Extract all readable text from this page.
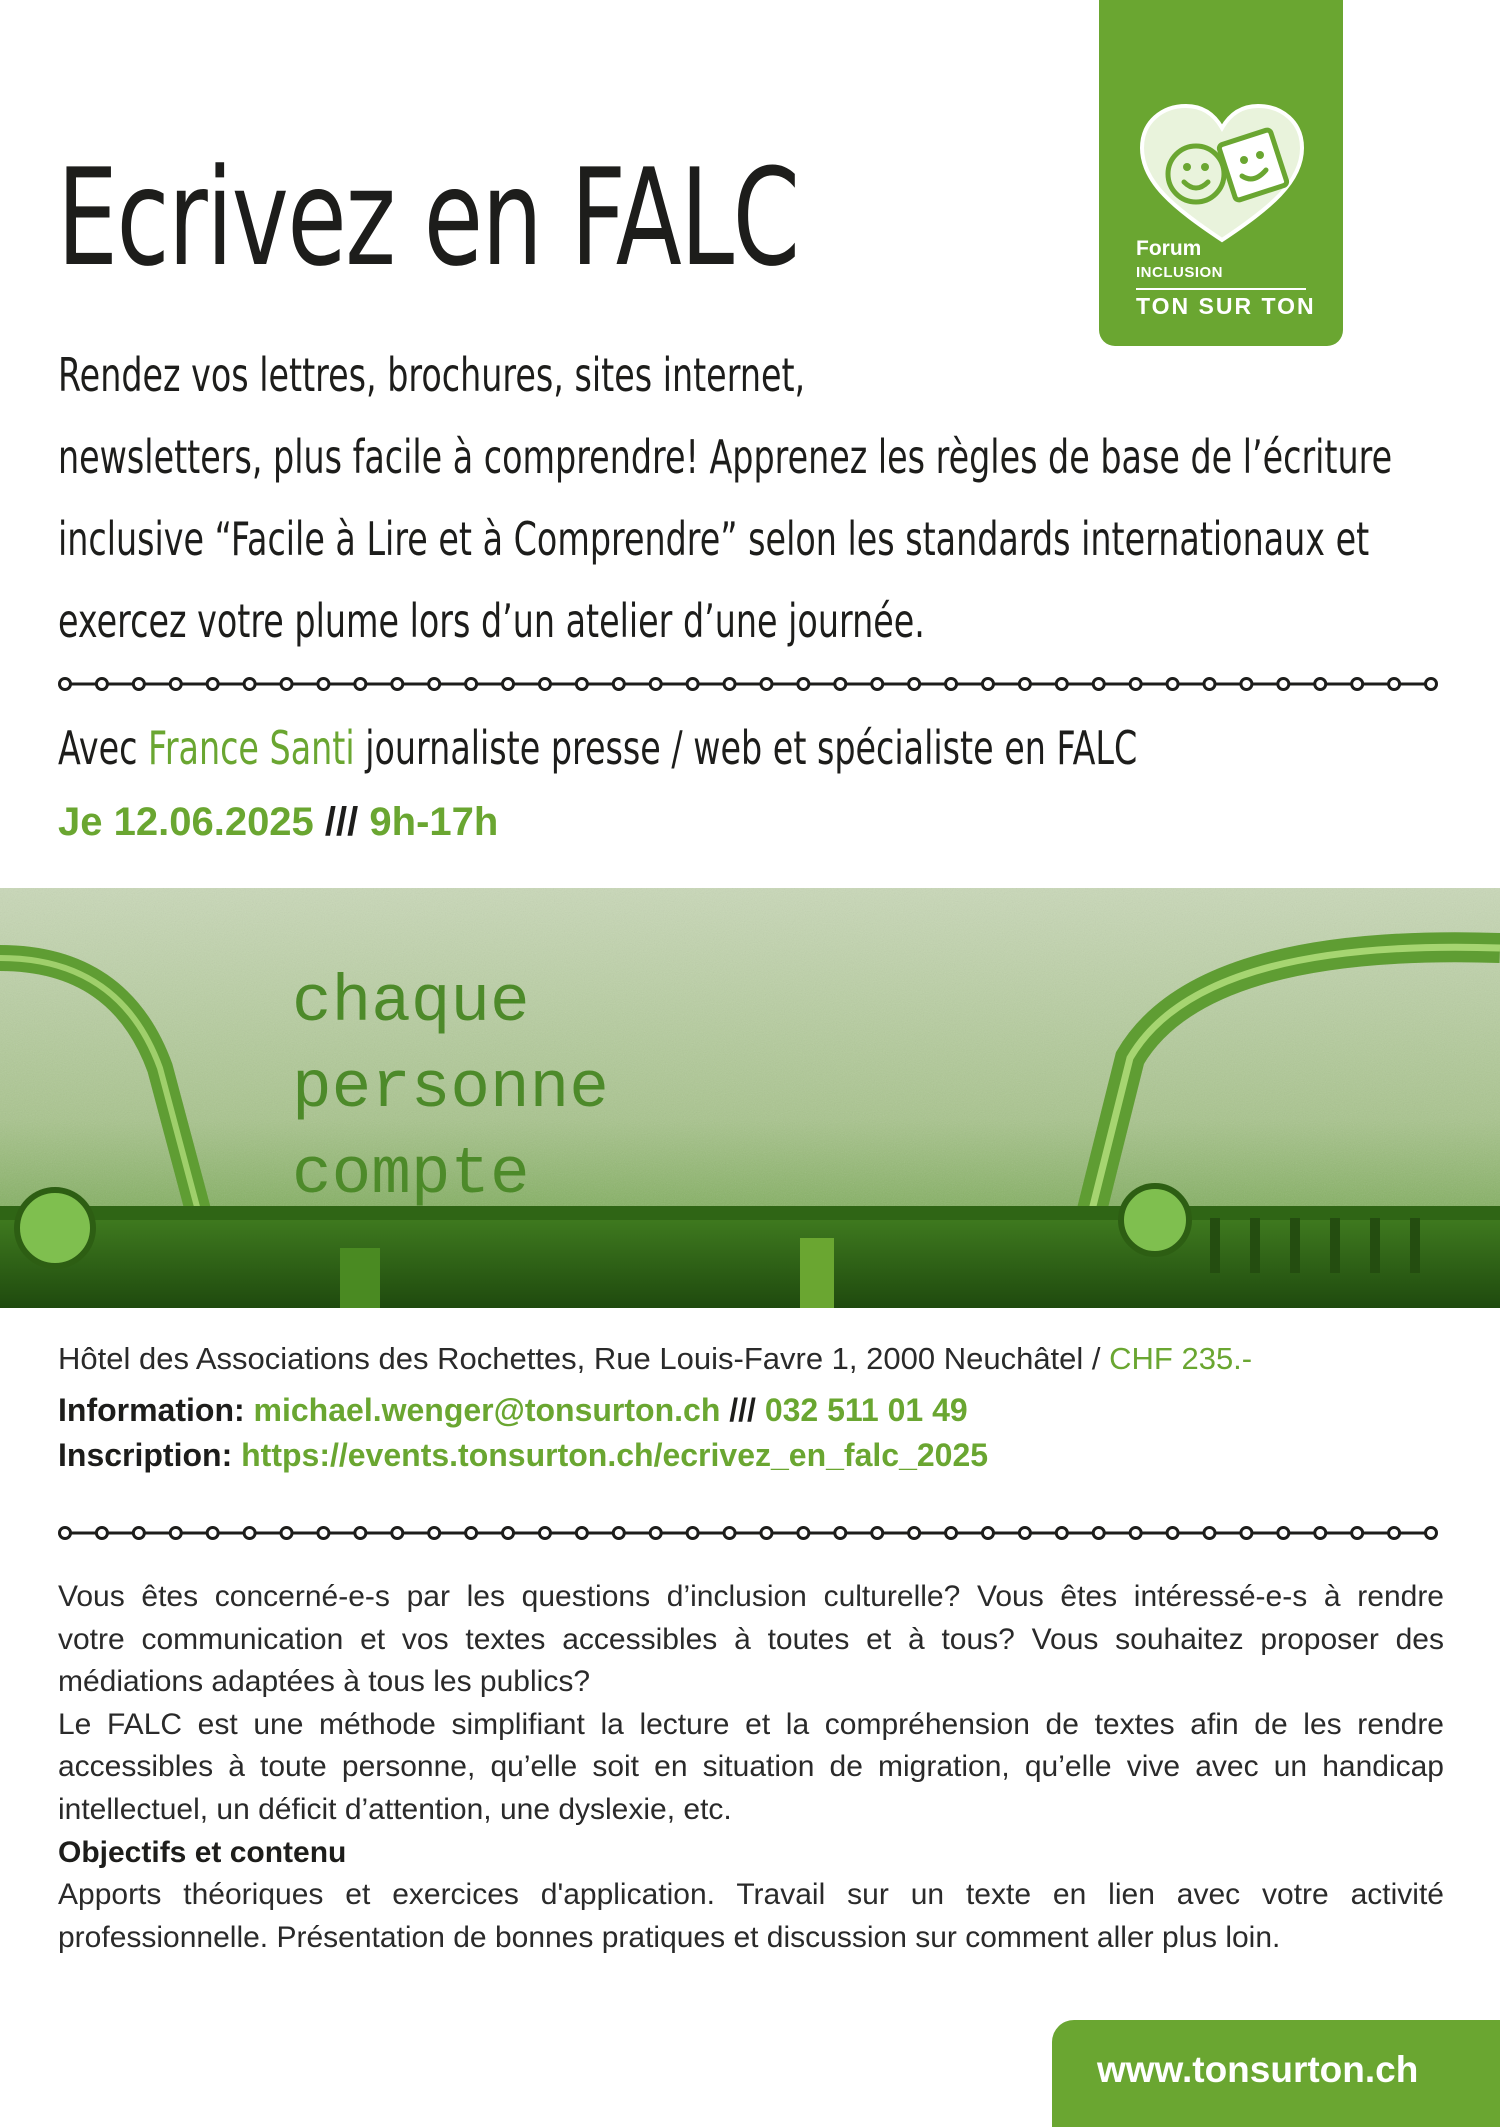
Forum
INCLUSION
TON SUR TON
Ecrivez en FALC
Rendez vos lettres, brochures, sites internet,
newsletters, plus facile à comprendre! Apprenez les règles de base de l’écriture
inclusive “Facile à Lire et à Comprendre” selon les standards internationaux et
exercez votre plume lors d’un atelier d’une journée.
Avec France Santi journaliste presse / web et spécialiste en FALC
Je 12.06.2025 /// 9h-17h
chaque
personne
compte
Hôtel des Associations des Rochettes, Rue Louis-Favre 1, 2000 Neuchâtel / CHF 235.-
Information: michael.wenger@tonsurton.ch /// 032 511 01 49
Inscription: https://events.tonsurton.ch/ecrivez_en_falc_2025

Vous êtes concerné-e-s par les questions d’inclusion culturelle? Vous êtes intéressé-e-s à rendre

votre communication et vos textes accessibles à toutes et à tous? Vous souhaitez proposer des

médiations adaptées à tous les publics?

Le FALC est une méthode simplifiant la lecture et la compréhension de textes afin de les rendre

accessibles à toute personne, qu’elle soit en situation de migration, qu’elle vive avec un handicap

intellectuel, un déficit d’attention, une dyslexie, etc.

Objectifs et contenu

Apports théoriques et exercices d'application. Travail sur un texte en lien avec votre activité

professionnelle. Présentation de bonnes pratiques et discussion sur comment aller plus loin.

www.tonsurton.ch
